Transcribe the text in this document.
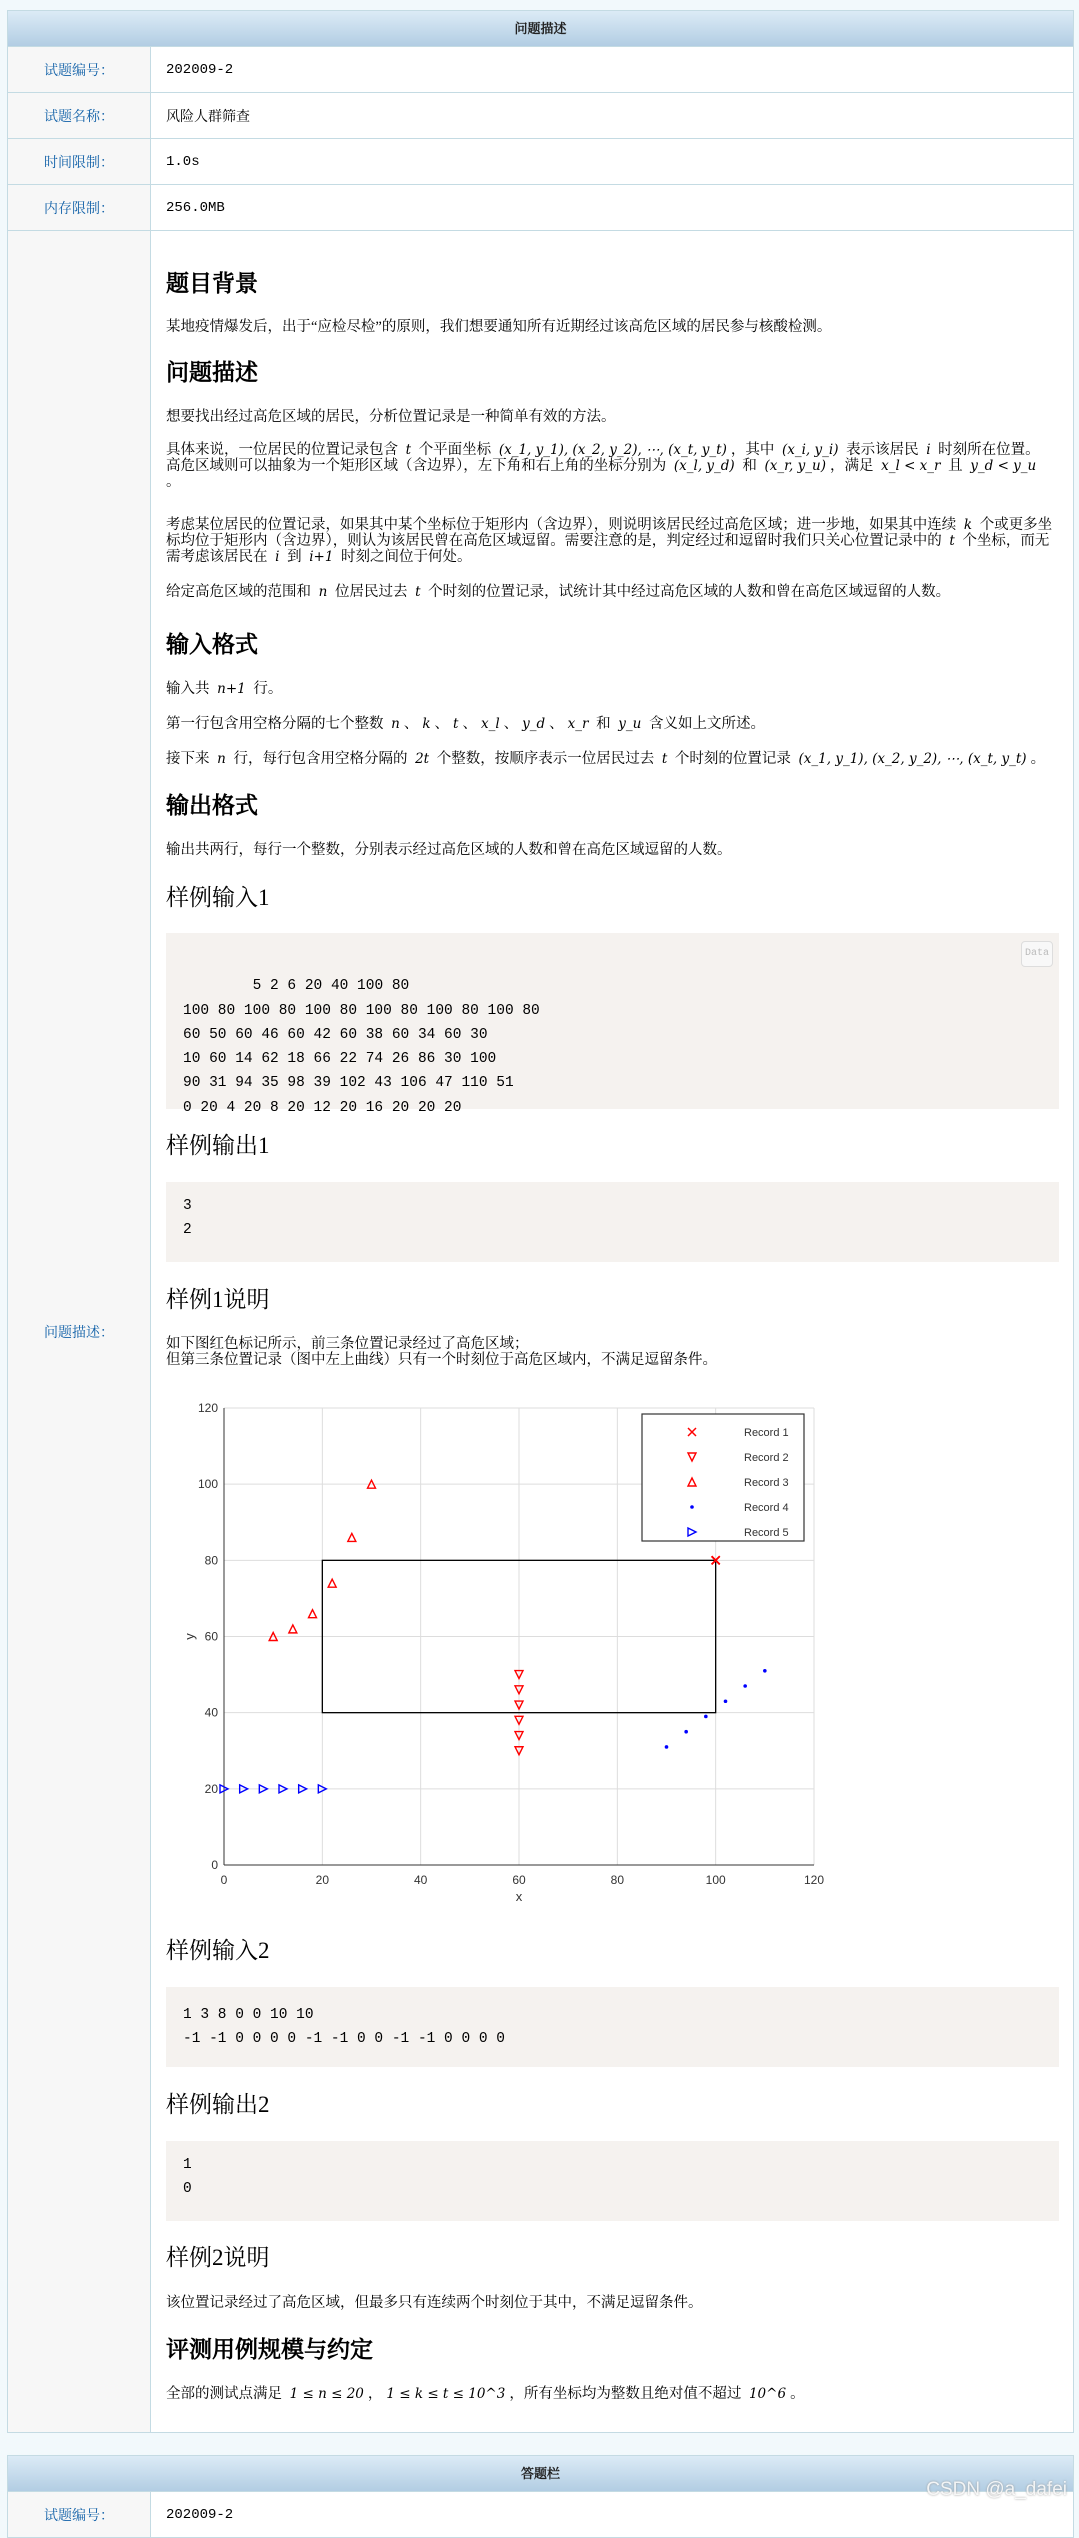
问题描述
试题编号：	202009-2
试题名称：	风险人群筛查
时间限制：	1.0s
内存限制：	256.0MB
问题描述：
题目背景
某地疫情爆发后，出于“应检尽检”的原则，我们想要通知所有近期经过该高危区域的居民参与核酸检测。
问题描述
想要找出经过高危区域的居民，分析位置记录是一种简单有效的方法。
具体来说，一位居民的位置记录包含 t 个平面坐标 (x_1, y_1), (x_2, y_2), ⋯, (x_t, y_t) ，其中 (x_i, y_i) 表示该居民 i 时刻所在位置。
高危区域则可以抽象为一个矩形区域（含边界），左下角和右上角的坐标分别为 (x_l, y_d) 和 (x_r, y_u) ，满足 x_l < x_r 且 y_d < y_u
。
考虑某位居民的位置记录，如果其中某个坐标位于矩形内（含边界），则说明该居民经过高危区域；进一步地，如果其中连续 k 个或更多坐标均位于矩形内（含边界），则认为该居民曾在高危区域逗留。需要注意的是，判定经过和逗留时我们只关心位置记录中的 t 个坐标，而无需考虑该居民在 i 到 i+1 时刻之间位于何处。
给定高危区域的范围和 n 位居民过去 t 个时刻的位置记录，试统计其中经过高危区域的人数和曾在高危区域逗留的人数。
输入格式
输入共 n+1 行。
第一行包含用空格分隔的七个整数 n 、 k 、 t 、 x_l 、 y_d 、 x_r 和 y_u 含义如上文所述。
接下来 n 行，每行包含用空格分隔的 2t 个整数，按顺序表示一位居民过去 t 个时刻的位置记录 (x_1, y_1), (x_2, y_2), ⋯, (x_t, y_t) 。
输出格式
输出共两行，每行一个整数，分别表示经过高危区域的人数和曾在高危区域逗留的人数。
样例输入1

5 2 6 20 40 100 80
100 80 100 80 100 80 100 80 100 80 100 80
60 50 60 46 60 42 60 38 60 34 60 30
10 60 14 62 18 66 22 74 26 86 30 100
90 31 94 35 98 39 102 43 106 47 110 51
0 20 4 20 8 20 12 20 16 20 20 20

Data

样例输出1
3
2
样例1说明
如下图红色标记所示，前三条位置记录经过了高危区域；
但第三条位置记录（图中左上曲线）只有一个时刻位于高危区域内，不满足逗留条件。
0	20	40	60	80	100	120
0
20
40
60
80
100
120
x
y
Record 1
Record 2
Record 3
Record 4
Record 5
样例输入2
1 3 8 0 0 10 10
-1 -1 0 0 0 0 -1 -1 0 0 -1 -1 0 0 0 0
样例输出2
1
0
样例2说明
该位置记录经过了高危区域，但最多只有连续两个时刻位于其中，不满足逗留条件。
评测用例规模与约定
全部的测试点满足 1 ≤ n ≤ 20 ， 1 ≤ k ≤ t ≤ 10^3 ，所有坐标均为整数且绝对值不超过 10^6 。
答题栏
试题编号：	202009-2
CSDN @a_dafei
